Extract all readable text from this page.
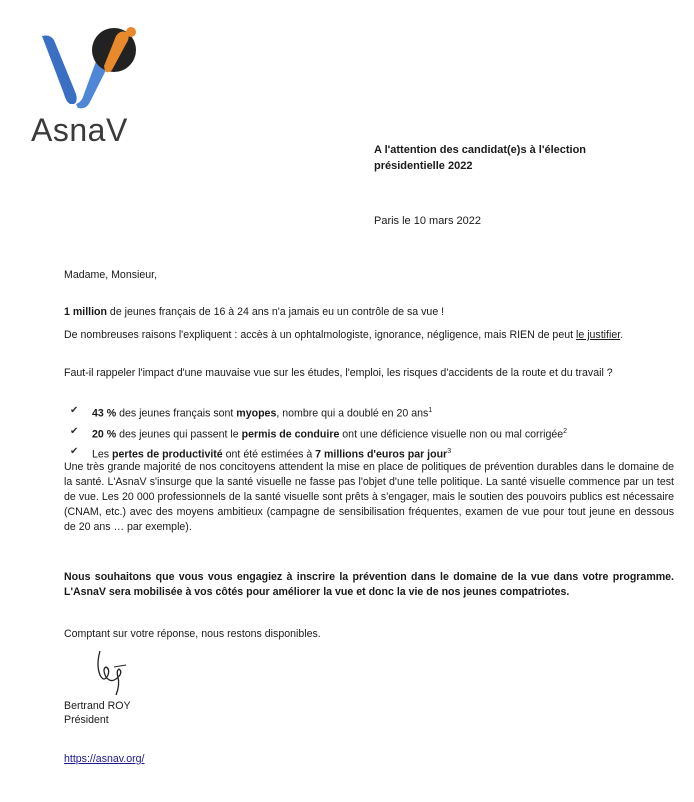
AsnaV
A l'attention des candidat(e)s à l'élection
présidentielle 2022
Paris le 10 mars 2022
Madame, Monsieur,
1 million de jeunes français de 16 à 24 ans n'a jamais eu un contrôle de sa vue !
De nombreuses raisons l'expliquent : accès à un ophtalmologiste, ignorance, négligence, mais RIEN de peut le justifier.
Faut-il rappeler l'impact d'une mauvaise vue sur les études, l'emploi, les risques d'accidents de la route et du travail ?
✔ 43 % des jeunes français sont myopes, nombre qui a doublé en 20 ans$^1$
✔ 20 % des jeunes qui passent le permis de conduire ont une déficience visuelle non ou mal corrigée$^2$
✔ Les pertes de productivité ont été estimées à 7 millions d'euros par jour$^3$
Une très grande majorité de nos concitoyens attendent la mise en place de politiques de prévention durables dans le domaine de la santé. L'AsnaV s'insurge que la santé visuelle ne fasse pas l'objet d'une telle politique. La santé visuelle commence par un test de vue. Les 20 000 professionnels de la santé visuelle sont prêts à s'engager, mais le soutien des pouvoirs publics est nécessaire (CNAM, etc.) avec des moyens ambitieux (campagne de sensibilisation fréquentes, examen de vue pour tout jeune en dessous de 20 ans … par exemple).
Nous souhaitons que vous vous engagiez à inscrire la prévention dans le domaine de la vue dans votre programme. L'AsnaV sera mobilisée à vos côtés pour améliorer la vue et donc la vie de nos jeunes compatriotes.
Comptant sur votre réponse, nous restons disponibles.
Bertrand ROY
Président
https://asnav.org/
